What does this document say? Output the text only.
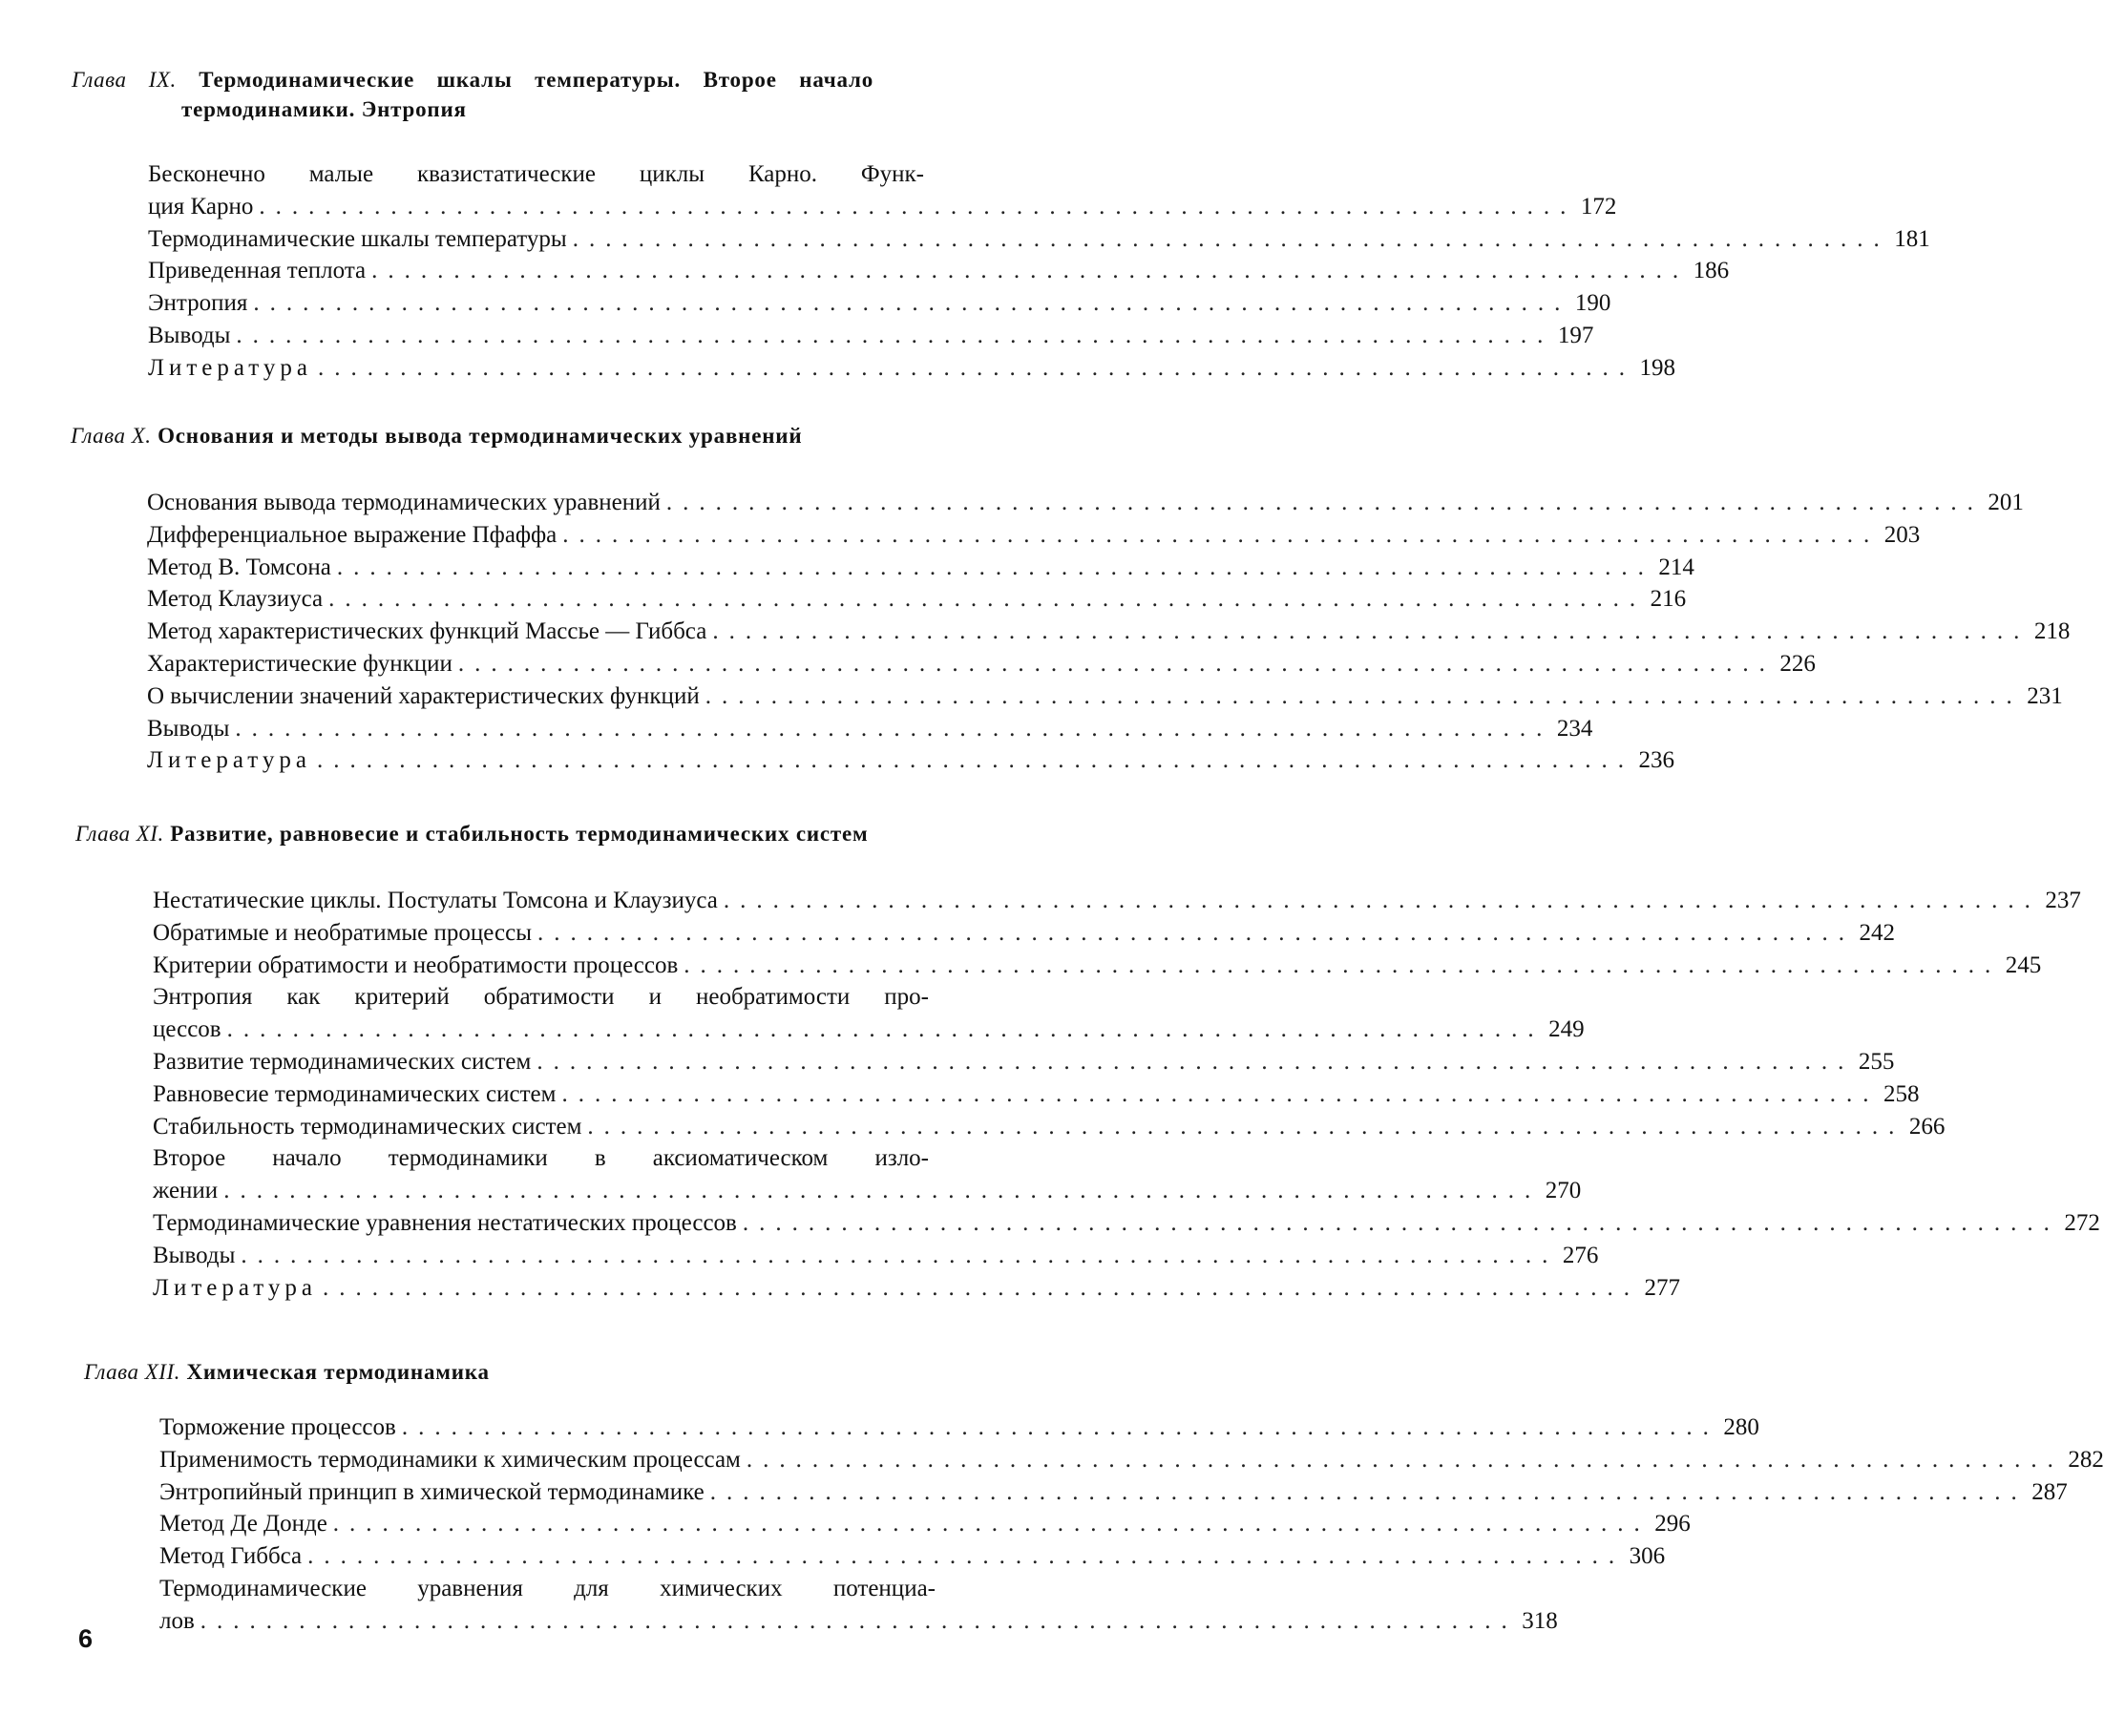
Глава IX. Термодинамические шкалы температуры. Второе начало термодинамики. Энтропия
Бесконечно малые квазистатические циклы Карно. Функ-
ция Карно ................................................................................ 172
Термодинамические шкалы температуры ................................................................................ 181
Приведенная теплота ................................................................................ 186
Энтропия ................................................................................ 190
Выводы ................................................................................ 197
Литература ................................................................................ 198
Глава X. Основания и методы вывода термодинамических уравнений
Основания вывода термодинамических уравнений ................................................................................ 201
Дифференциальное выражение Пфаффа ................................................................................ 203
Метод В. Томсона ................................................................................ 214
Метод Клаузиуса ................................................................................ 216
Метод характеристических функций Массье — Гиббса ................................................................................ 218
Характеристические функции ................................................................................ 226
О вычислении значений характеристических функций ................................................................................ 231
Выводы ................................................................................ 234
Литература ................................................................................ 236
Глава XI. Развитие, равновесие и стабильность термодинамических систем
Нестатические циклы. Постулаты Томсона и Клаузиуса ................................................................................ 237
Обратимые и необратимые процессы ................................................................................ 242
Критерии обратимости и необратимости процессов ................................................................................ 245
Энтропия как критерий обратимости и необратимости про-
цессов ................................................................................ 249
Развитие термодинамических систем ................................................................................ 255
Равновесие термодинамических систем ................................................................................ 258
Стабильность термодинамических систем ................................................................................ 266
Второе начало термодинамики в аксиоматическом изло-
жении ................................................................................ 270
Термодинамические уравнения нестатических процессов ................................................................................ 272
Выводы ................................................................................ 276
Литература ................................................................................ 277
Глава XII. Химическая термодинамика
Торможение процессов ................................................................................ 280
Применимость термодинамики к химическим процессам ................................................................................ 282
Энтропийный принцип в химической термодинамике ................................................................................ 287
Метод Де Донде ................................................................................ 296
Метод Гиббса ................................................................................ 306
Термодинамические уравнения для химических потенциа-
лов ................................................................................ 318
6
